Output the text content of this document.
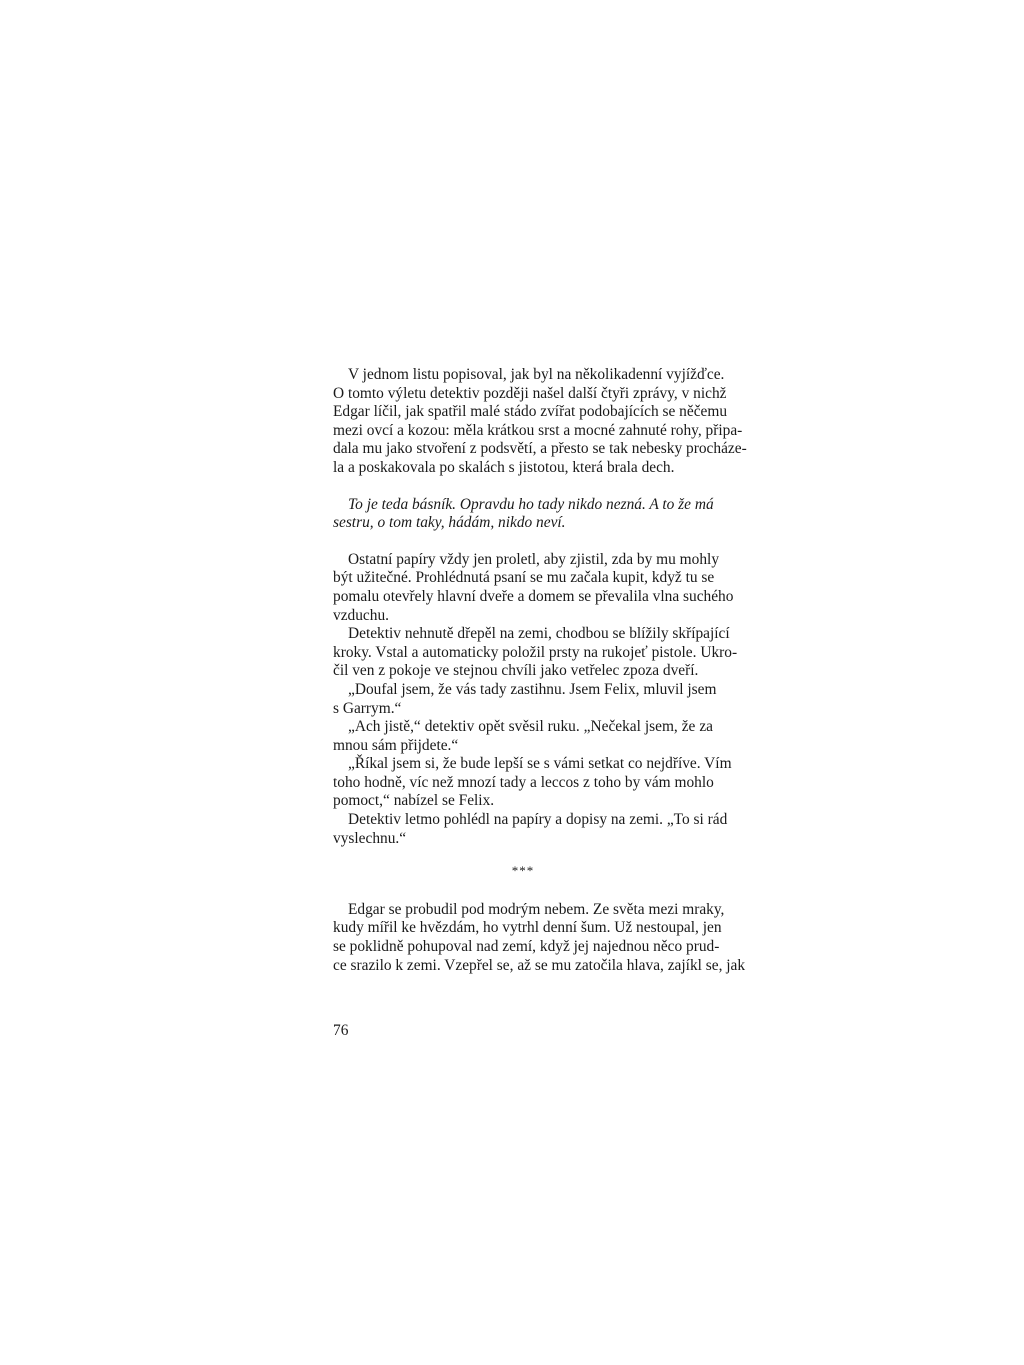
V jednom listu popisoval, jak byl na několikadenní vyjížďce.
O tomto výletu detektiv později našel další čtyři zprávy, v nichž
Edgar líčil, jak spatřil malé stádo zvířat podobajících se něčemu
mezi ovcí a kozou: měla krátkou srst a mocné zahnuté rohy, připa-
dala mu jako stvoření z podsvětí, a přesto se tak nebesky procháze-
la a poskakovala po skalách s jistotou, která brala dech.
To je teda básník. Opravdu ho tady nikdo nezná. A to že má
sestru, o tom taky, hádám, nikdo neví.
Ostatní papíry vždy jen proletl, aby zjistil, zda by mu mohly
být užitečné. Prohlédnutá psaní se mu začala kupit, když tu se
pomalu otevřely hlavní dveře a domem se převalila vlna suchého
vzduchu.
Detektiv nehnutě dřepěl na zemi, chodbou se blížily skřípající
kroky. Vstal a automaticky položil prsty na rukojeť pistole. Ukro-
čil ven z pokoje ve stejnou chvíli jako vetřelec zpoza dveří.
„Doufal jsem, že vás tady zastihnu. Jsem Felix, mluvil jsem
s Garrym.“
„Ach jistě,“ detektiv opět svěsil ruku. „Nečekal jsem, že za
mnou sám přijdete.“
„Říkal jsem si, že bude lepší se s vámi setkat co nejdříve. Vím
toho hodně, víc než mnozí tady a leccos z toho by vám mohlo
pomoct,“ nabízel se Felix.
Detektiv letmo pohlédl na papíry a dopisy na zemi. „To si rád
vyslechnu.“
***
Edgar se probudil pod modrým nebem. Ze světa mezi mraky,
kudy mířil ke hvězdám, ho vytrhl denní šum. Už nestoupal, jen
se poklidně pohupoval nad zemí, když jej najednou něco prud-
ce srazilo k zemi. Vzepřel se, až se mu zatočila hlava, zajíkl se, jak
76
